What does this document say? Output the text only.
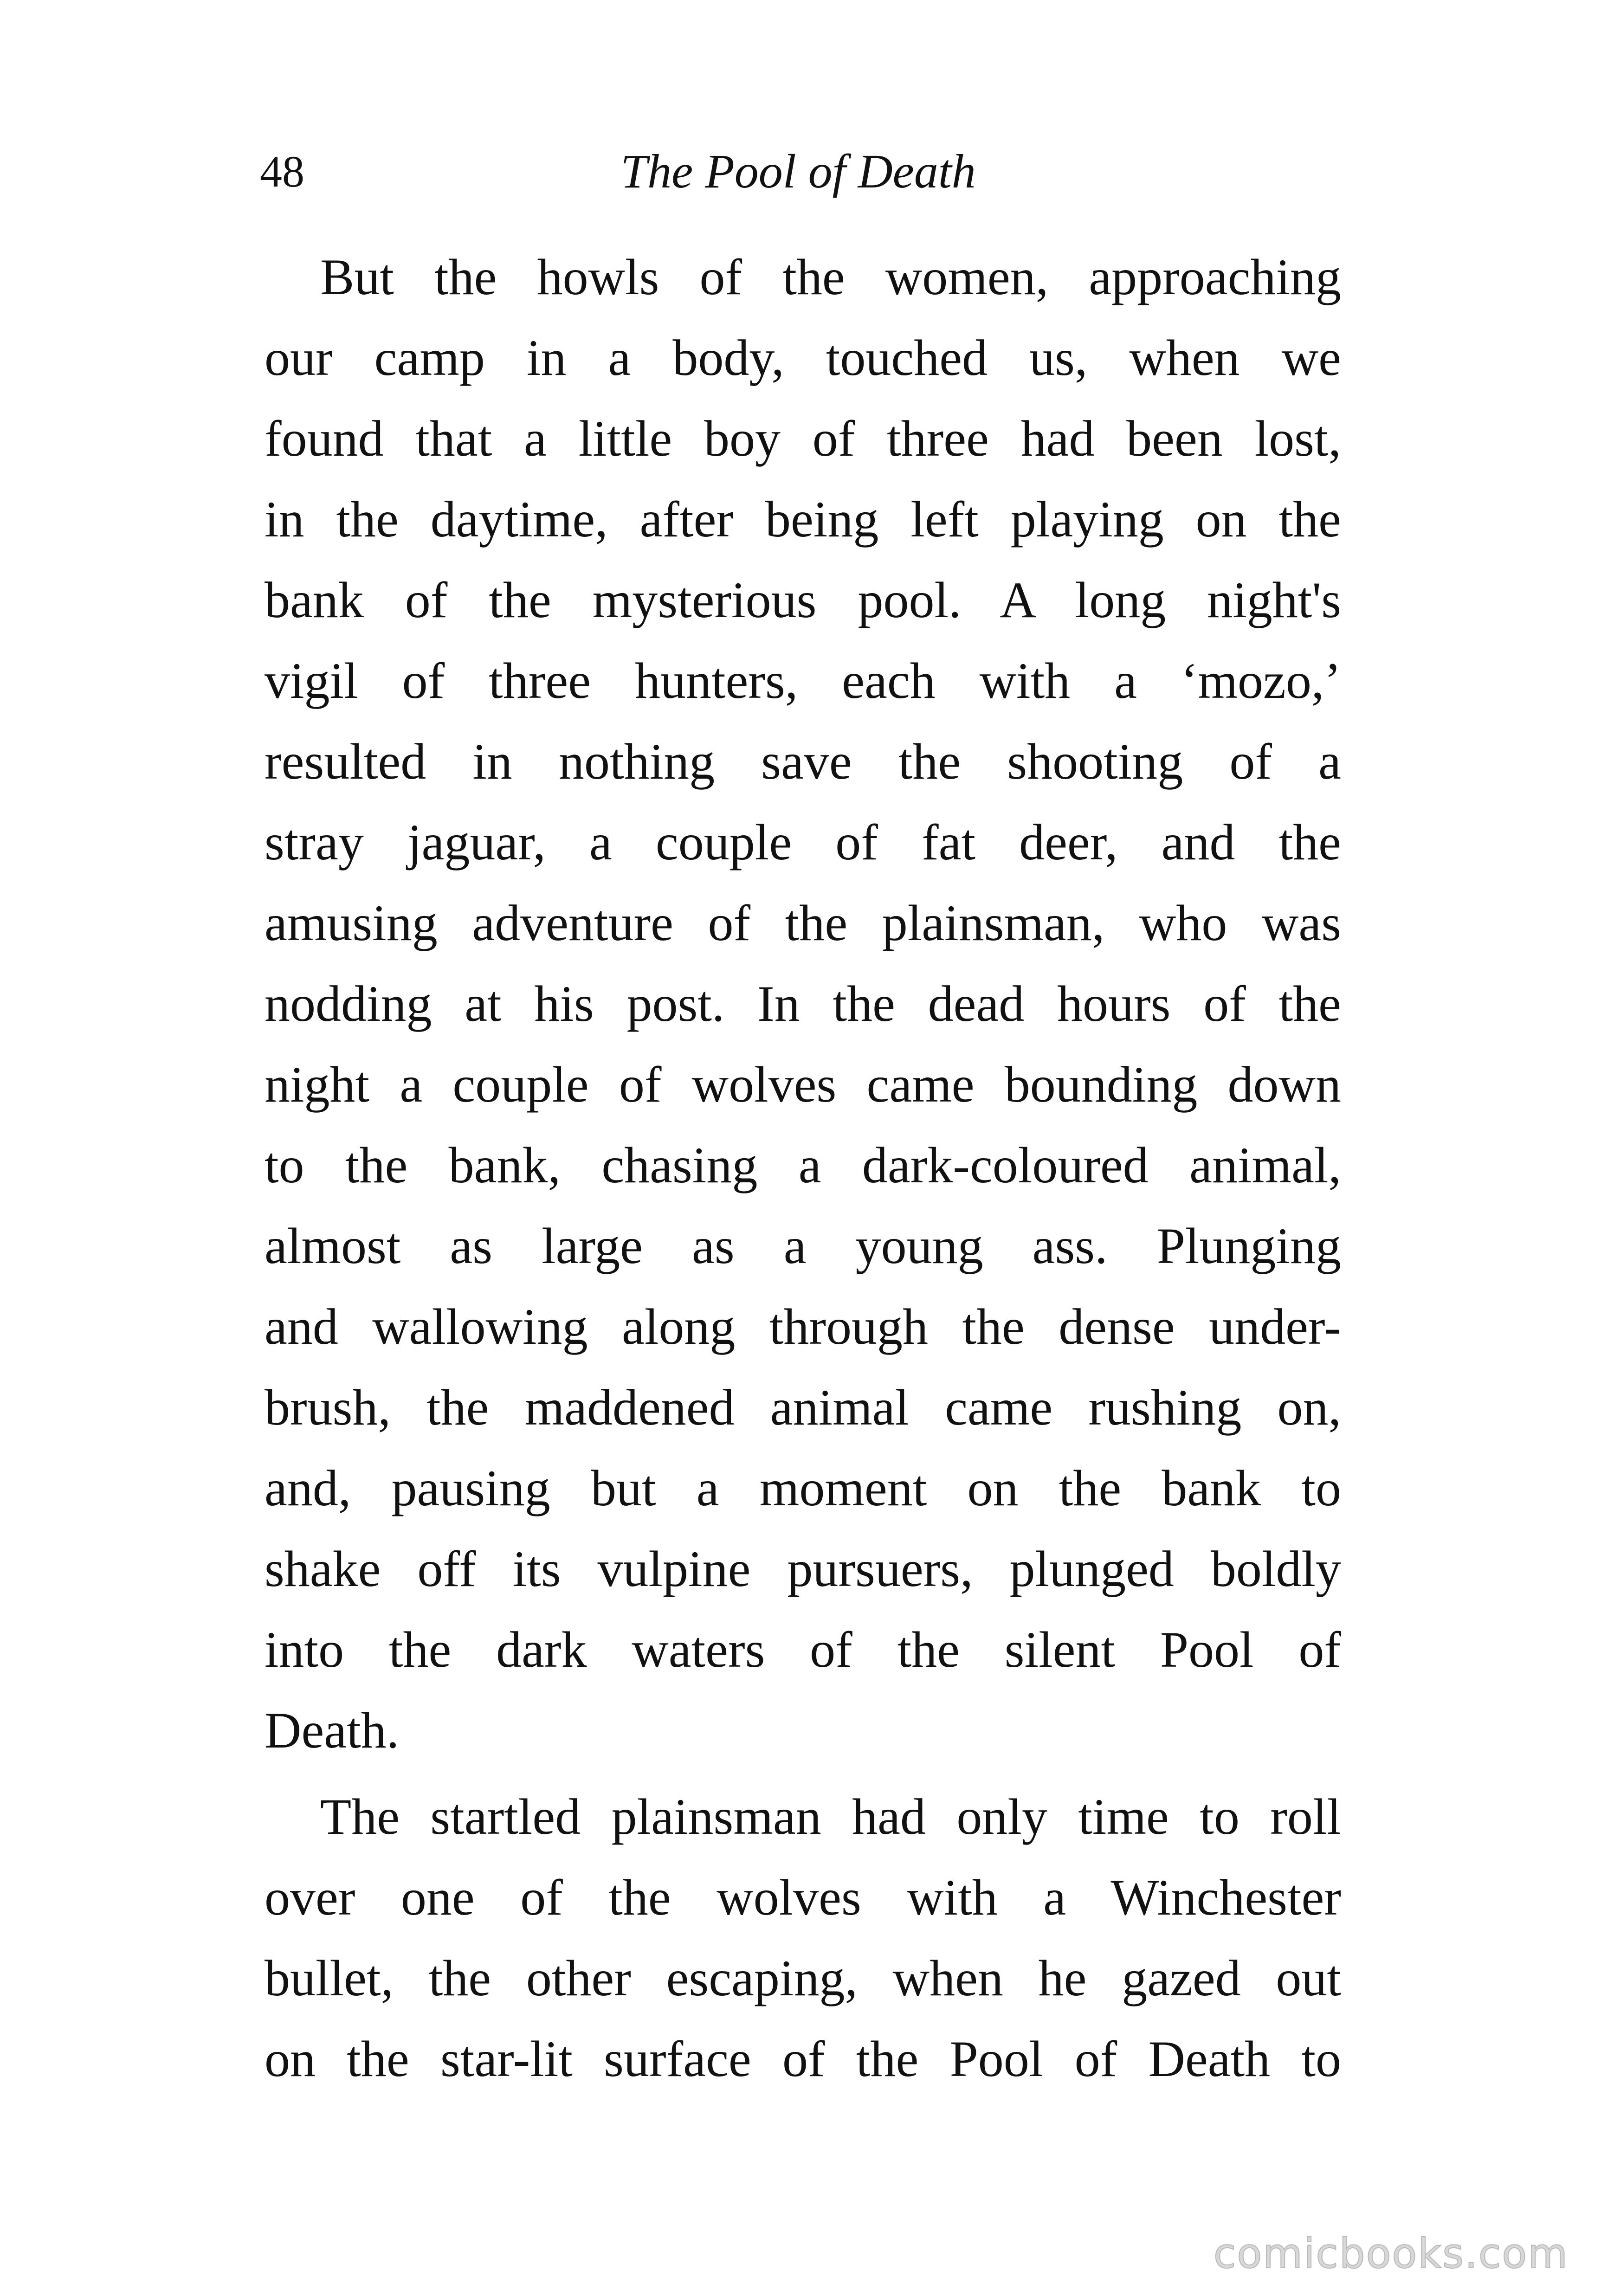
48	The Pool of Death

But the howls of the women, approaching
our camp in a body, touched us, when we
found that a little boy of three had been lost,
in the daytime, after being left playing on the
bank of the mysterious pool. A long night's
vigil of three hunters, each with a ‘mozo,’
resulted in nothing save the shooting of a
stray jaguar, a couple of fat deer, and the
amusing adventure of the plainsman, who was
nodding at his post. In the dead hours of the
night a couple of wolves came bounding down
to the bank, chasing a dark-coloured animal,
almost as large as a young ass. Plunging
and wallowing along through the dense under-
brush, the maddened animal came rushing on,
and, pausing but a moment on the bank to
shake off its vulpine pursuers, plunged boldly
into the dark waters of the silent Pool of
Death.

The startled plainsman had only time to roll
over one of the wolves with a Winchester
bullet, the other escaping, when he gazed out
on the star-lit surface of the Pool of Death to

comicbooks.com
